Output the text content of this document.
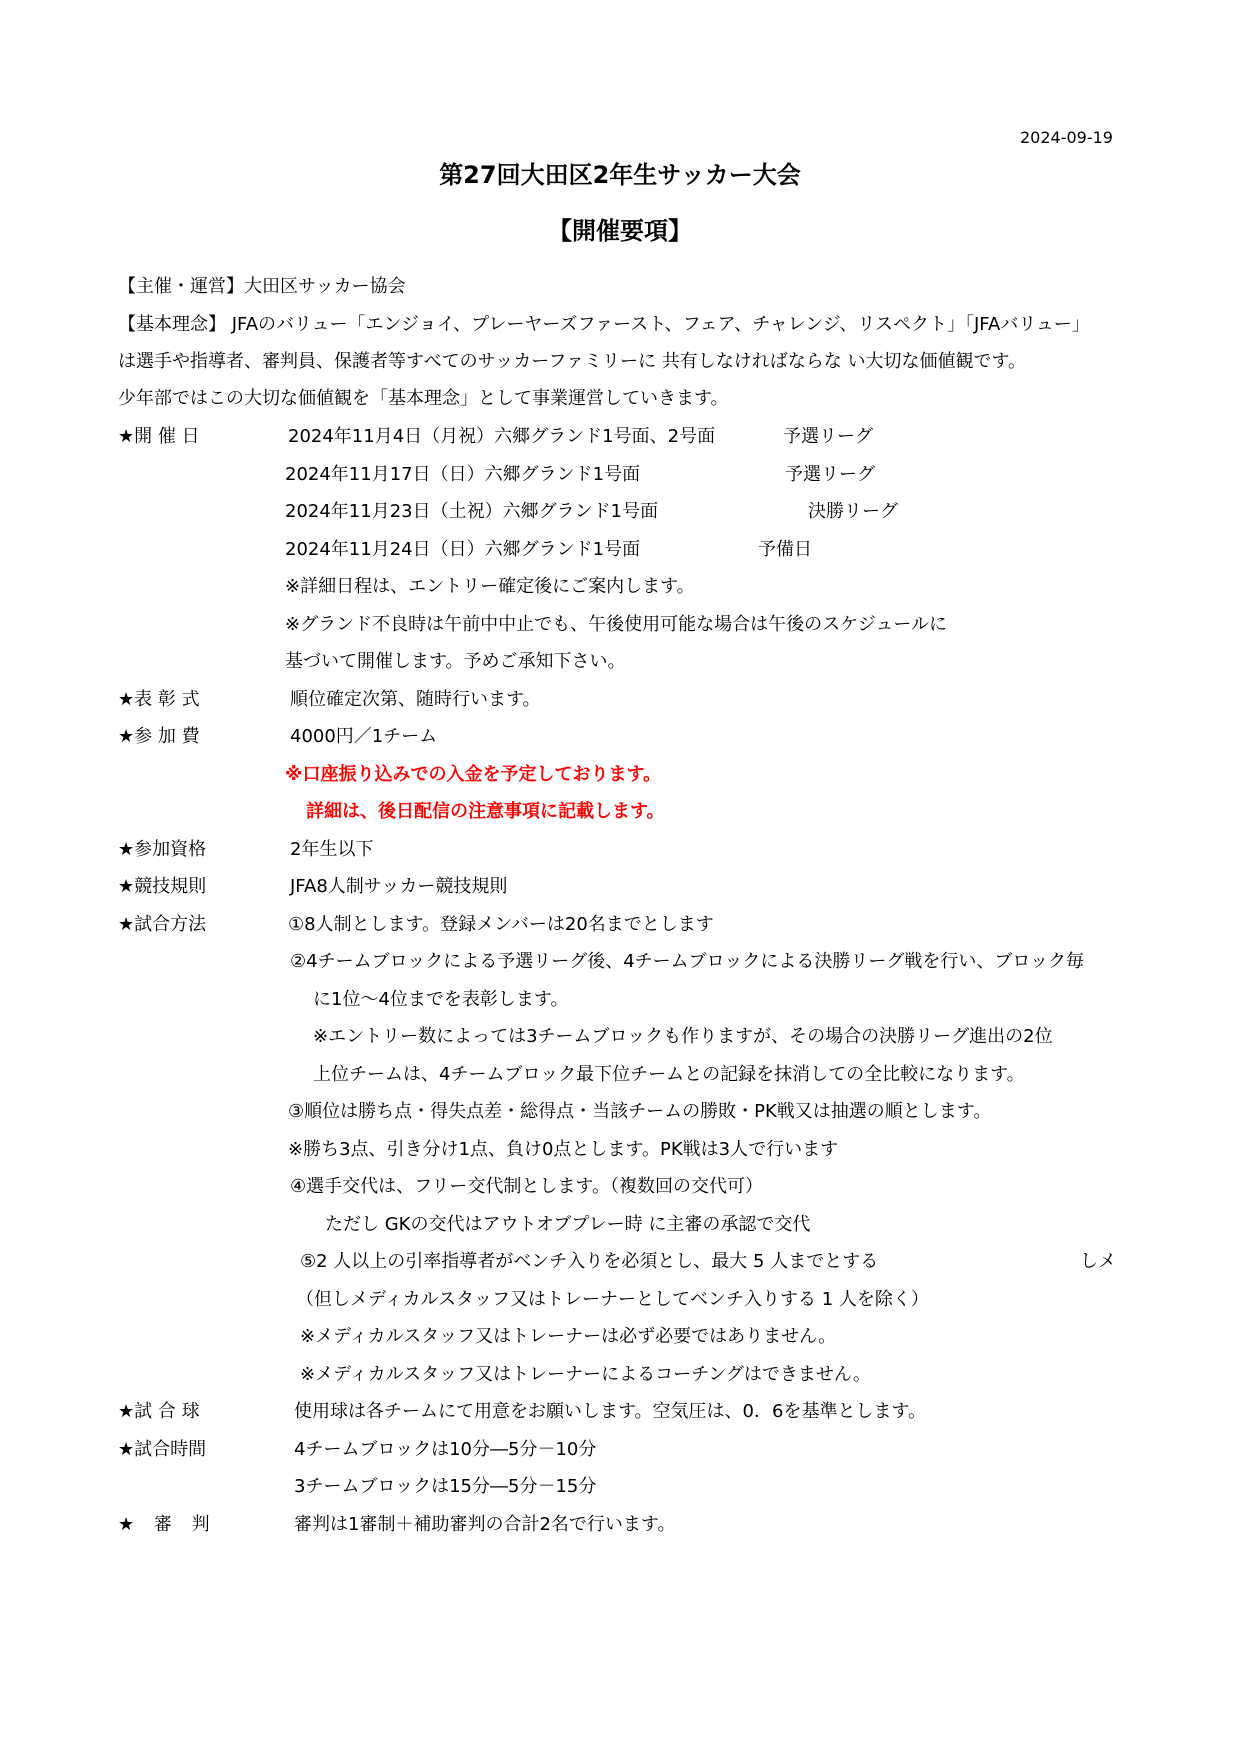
2024-09-19
第27回大田区2年生サッカー大会
【開催要項】
【主催・運営】大田区サッカー協会
【基本理念】 JFAのバリュー「エンジョイ、プレーヤーズファースト、フェア、チャレンジ、リスペクト」「JFAバリュー」
は選手や指導者、審判員、保護者等すべてのサッカーファミリーに 共有しなければならな い大切な価値観です。
少年部ではこの大切な価値観を「基本理念」として事業運営していきます。
★開 催 日	2024年11月4日（月祝）六郷グランド1号面、2号面	予選リーグ
2024年11月17日（日）六郷グランド1号面	予選リーグ
2024年11月23日（土祝）六郷グランド1号面	決勝リーグ
2024年11月24日（日）六郷グランド1号面	予備日
※詳細日程は、エントリー確定後にご案内します。
※グランド不良時は午前中中止でも、午後使用可能な場合は午後のスケジュールに
基づいて開催します。予めご承知下さい。
★表 彰 式	順位確定次第、随時行います。
★参 加 費	4000円／1チーム
※口座振り込みでの入金を予定しております。
詳細は、後日配信の注意事項に記載します。
★参加資格	2年生以下
★競技規則	JFA8人制サッカー競技規則
★試合方法	①8人制とします。登録メンバーは20名までとします
②4チームブロックによる予選リーグ後、4チームブロックによる決勝リーグ戦を行い、ブロック毎
に1位～4位までを表彰します。
※エントリー数によっては3チームブロックも作りますが、その場合の決勝リーグ進出の2位
上位チームは、4チームブロック最下位チームとの記録を抹消しての全比較になります。
③順位は勝ち点・得失点差・総得点・当該チームの勝敗・PK戦又は抽選の順とします。
※勝ち3点、引き分け1点、負け0点とします。PK戦は3人で行います
④選手交代は、フリー交代制とします。（複数回の交代可）
ただし GKの交代はアウトオブプレー時 に主審の承認で交代
⑤2 人以上の引率指導者がベンチ入りを必須とし、最大 5 人までとする	しメ
（但しメディカルスタッフ又はトレーナーとしてベンチ入りする 1 人を除く）
※メディカルスタッフ又はトレーナーは必ず必要ではありません。
※メディカルスタッフ又はトレーナーによるコーチングはできません。
★試 合 球	使用球は各チームにて用意をお願いします。空気圧は、0．6を基準とします。
★試合時間	4チームブロックは10分―5分－10分
3チームブロックは15分―5分－15分
★ 審 判	審判は1審制＋補助審判の合計2名で行います。
